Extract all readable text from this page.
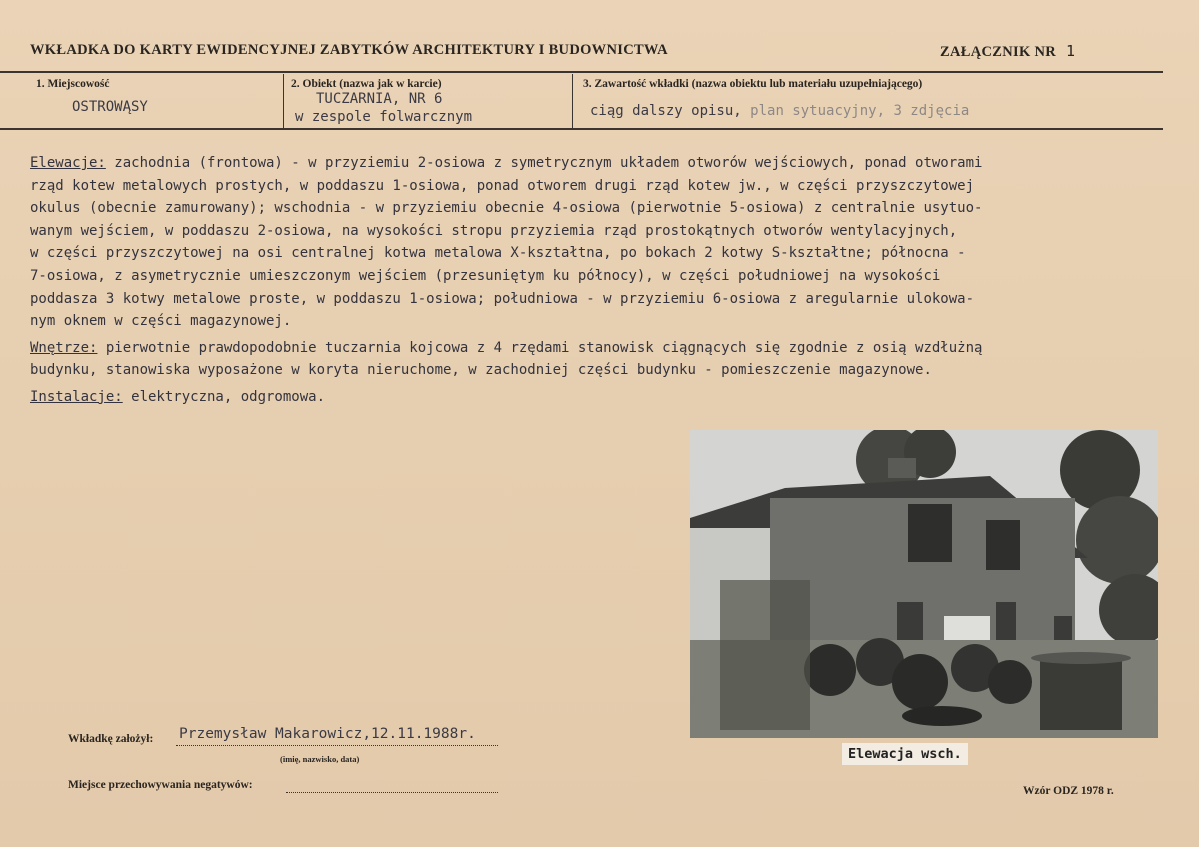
WKŁADKA DO KARTY EWIDENCYJNEJ ZABYTKÓW ARCHITEKTURY I BUDOWNICTWA	ZAŁĄCZNIK NR 1
1. Miejscowość
OSTROWĄSY
2. Obiekt (nazwa jak w karcie)
TUCZARNIA, NR 6
w zespole folwarcznym
3. Zawartość wkładki (nazwa obiektu lub materiału uzupełniającego)
ciąg dalszy opisu, plan sytuacyjny, 3 zdjęcia

Elewacje: zachodnia (frontowa) - w przyziemiu 2-osiowa z symetrycznym układem otworów wejściowych, ponad otworami
rząd kotew metalowych prostych, w poddaszu 1-osiowa, ponad otworem drugi rząd kotew jw., w części przyszczytowej
okulus (obecnie zamurowany); wschodnia - w przyziemiu obecnie 4-osiowa (pierwotnie 5-osiowa) z centralnie usytuo-
wanym wejściem, w poddaszu 2-osiowa, na wysokości stropu przyziemia rząd prostokątnych otworów wentylacyjnych,
w części przyszczytowej na osi centralnej kotwa metalowa X-kształtna, po bokach 2 kotwy S-kształtne; północna -
7-osiowa, z asymetrycznie umieszczonym wejściem (przesuniętym ku północy), w części południowej na wysokości
poddasza 3 kotwy metalowe proste, w poddaszu 1-osiowa; południowa - w przyziemiu 6-osiowa z aregularnie ulokowa-
nym oknem w części magazynowej.

Wnętrze: pierwotnie prawdopodobnie tuczarnia kojcowa z 4 rzędami stanowisk ciągnących się zgodnie z osią wzdłużną
budynku, stanowiska wyposażone w koryta nieruchome, w zachodniej części budynku - pomieszczenie magazynowe.

Instalacje: elektryczna, odgromowa.

Elewacja wsch.
Wkładkę założył: Przemysław Makarowicz,12.11.1988r.
(imię, nazwisko, data)
Miejsce przechowywania negatywów:	Wzór ODZ 1978 r.
